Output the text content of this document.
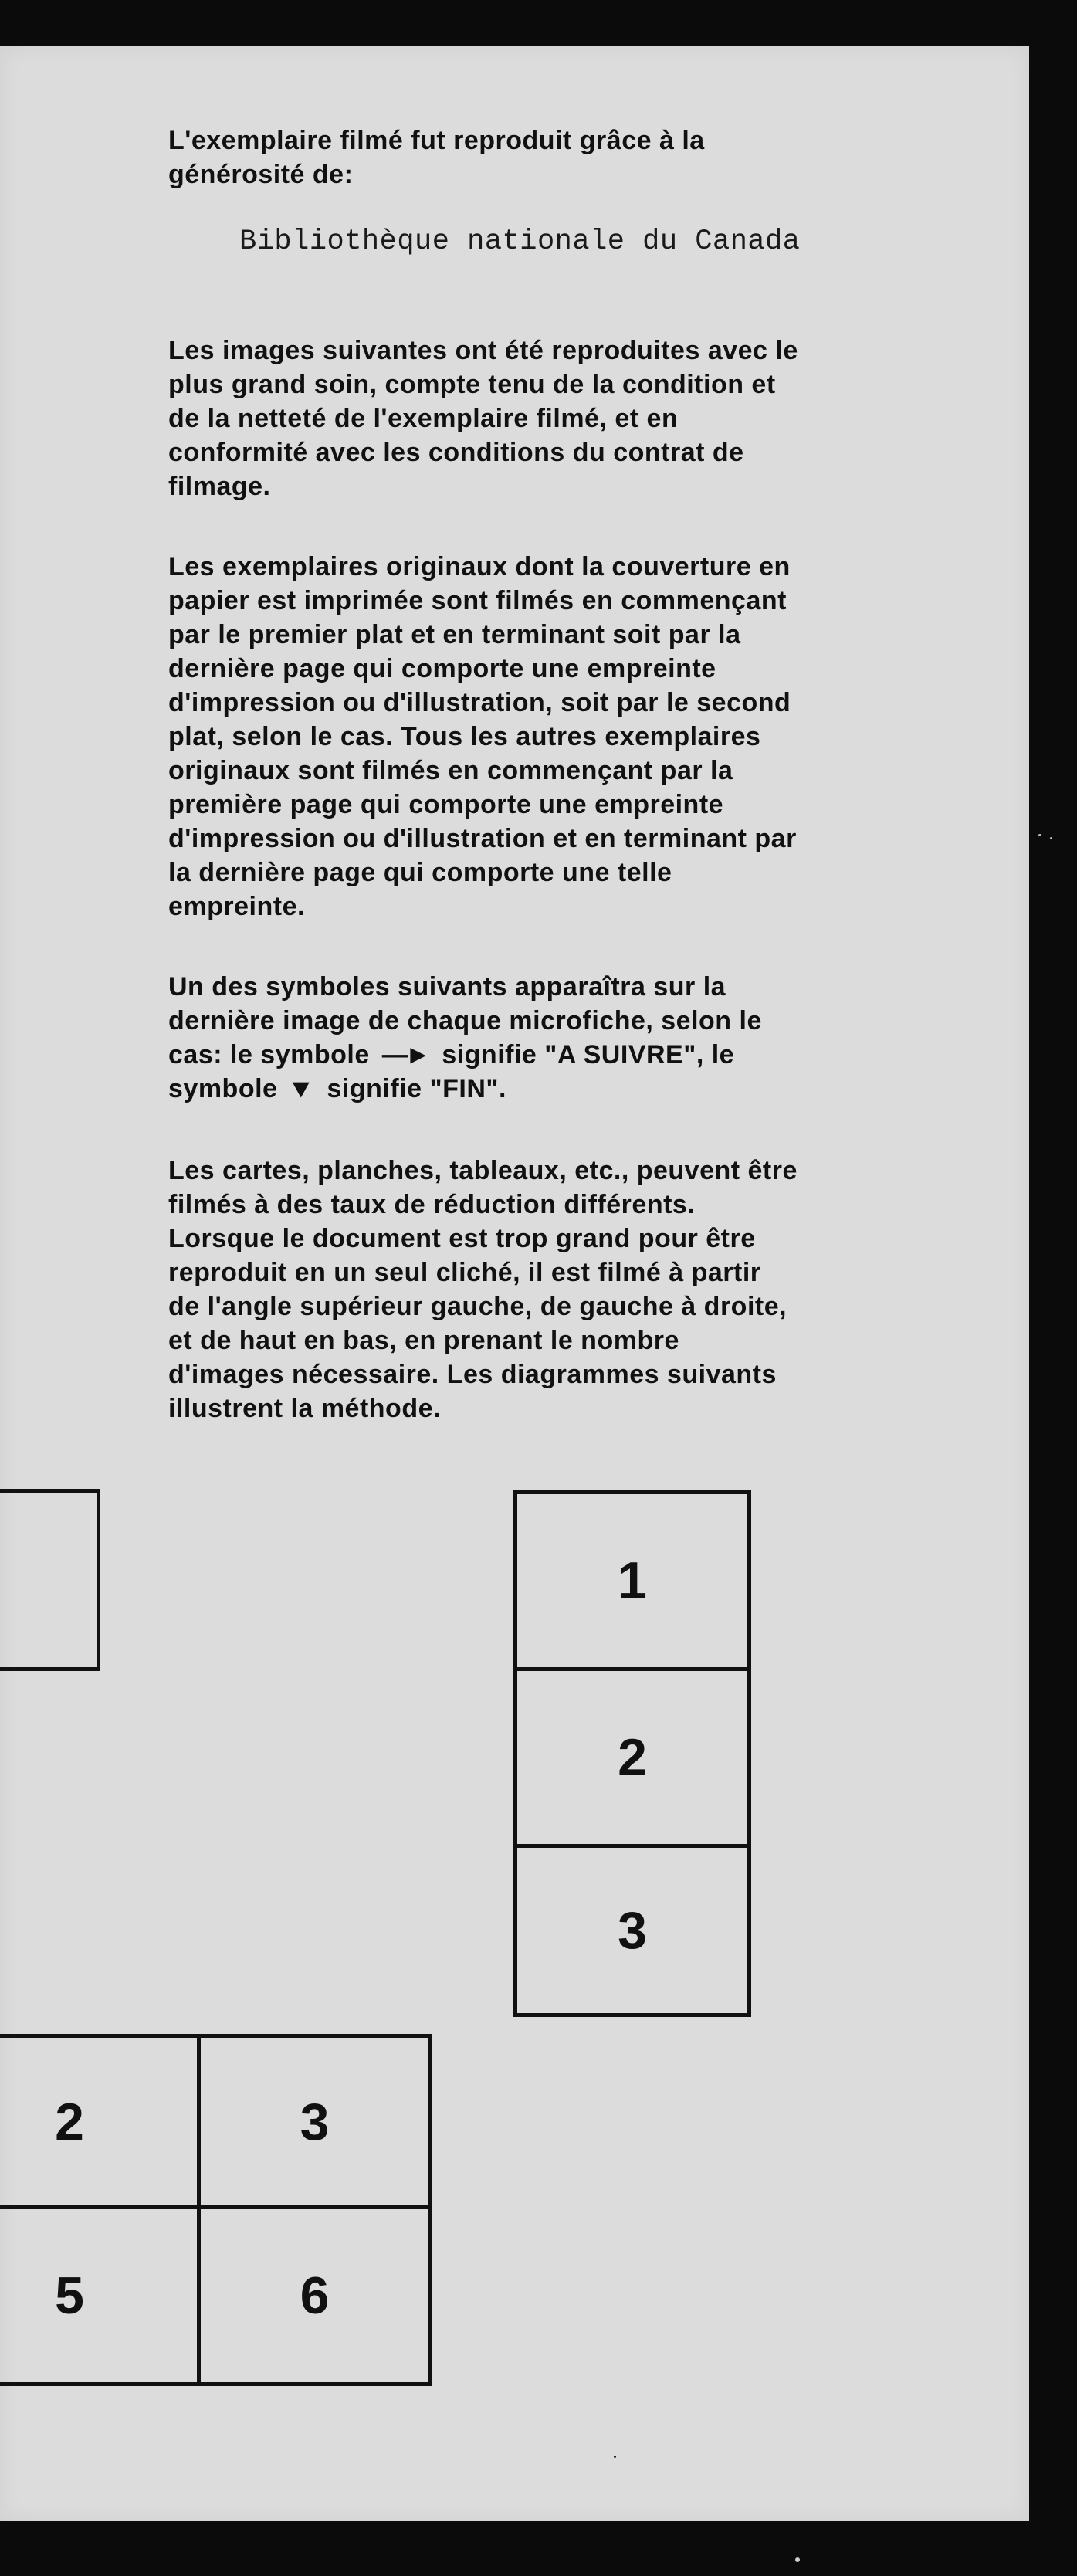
L'exemplaire filmé fut reproduit grâce à la

générosité de:

Bibliothèque nationale du Canada

Les images suivantes ont été reproduites avec le

plus grand soin, compte tenu de la condition et

de la netteté de l'exemplaire filmé, et en

conformité avec les conditions du contrat de

filmage.

Les exemplaires originaux dont la couverture en

papier est imprimée sont filmés en commençant

par le premier plat et en terminant soit par la

dernière page qui comporte une empreinte

d'impression ou d'illustration, soit par le second

plat, selon le cas. Tous les autres exemplaires

originaux sont filmés en commençant par la

première page qui comporte une empreinte

d'impression ou d'illustration et en terminant par

la dernière page qui comporte une telle

empreinte.

Un des symboles suivants apparaîtra sur la

dernière image de chaque microfiche, selon le

cas: le symbole —► signifie "A SUIVRE", le

symbole ▼ signifie "FIN".

Les cartes, planches, tableaux, etc., peuvent être

filmés à des taux de réduction différents.

Lorsque le document est trop grand pour être

reproduit en un seul cliché, il est filmé à partir

de l'angle supérieur gauche, de gauche à droite,

et de haut en bas, en prenant le nombre

d'images nécessaire. Les diagrammes suivants

illustrent la méthode.

1
2
3
2	3
5	6
